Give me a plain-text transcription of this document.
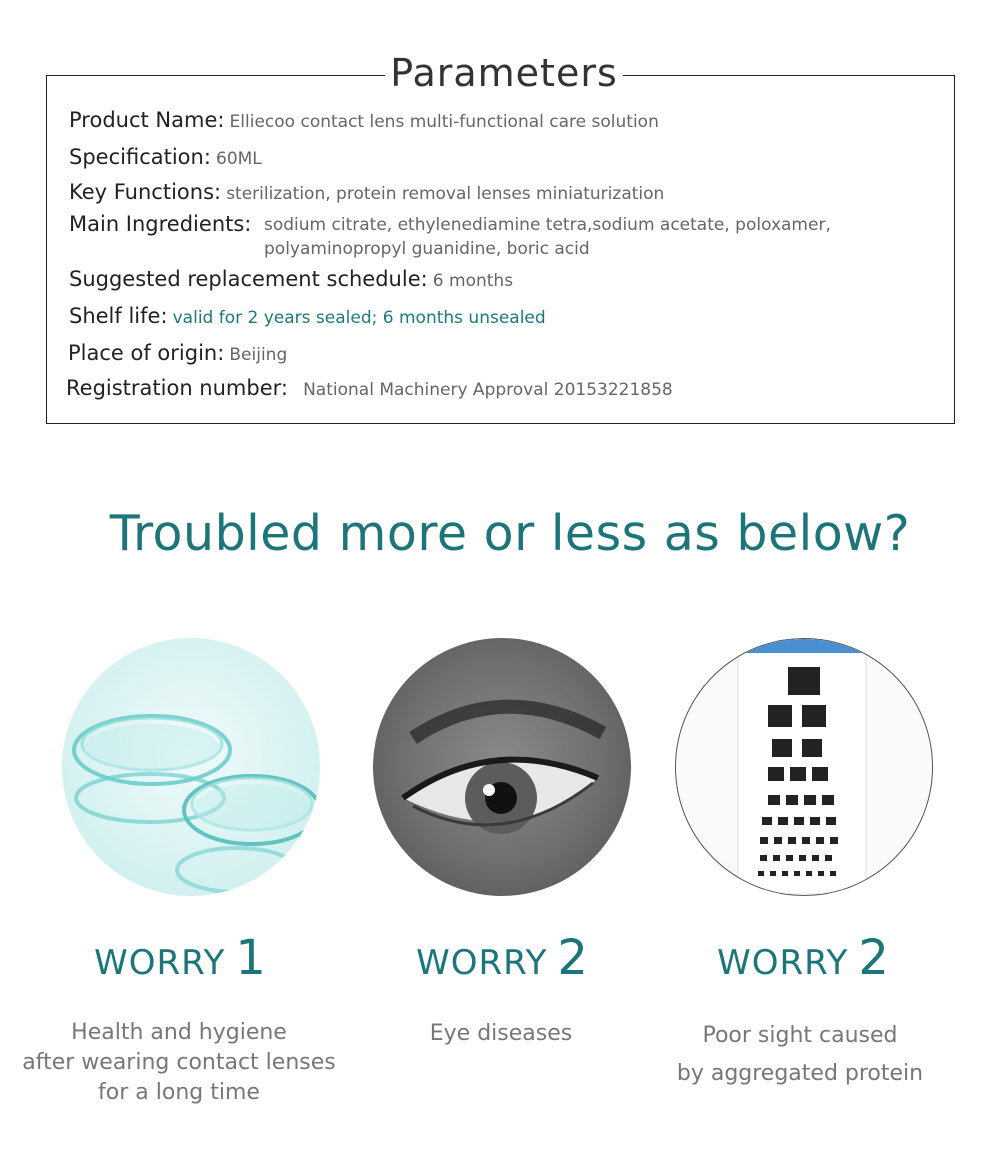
Parameters
Product Name: Elliecoo contact lens multi-functional care solution
Specification: 60ML
Key Functions: sterilization, protein removal lenses miniaturization
Main Ingredients: sodium citrate, ethylenediamine tetra,sodium acetate, poloxamer,
polyaminopropyl guanidine, boric acid
Suggested replacement schedule: 6 months
Shelf life: valid for 2 years sealed; 6 months unsealed
Place of origin: Beijing
Registration number: National Machinery Approval 20153221858
Troubled more or less as below?
WORRY 1	WORRY 2	WORRY 2
Health and hygiene
after wearing contact lenses
for a long time
Eye diseases	Poor sight caused
by aggregated protein
